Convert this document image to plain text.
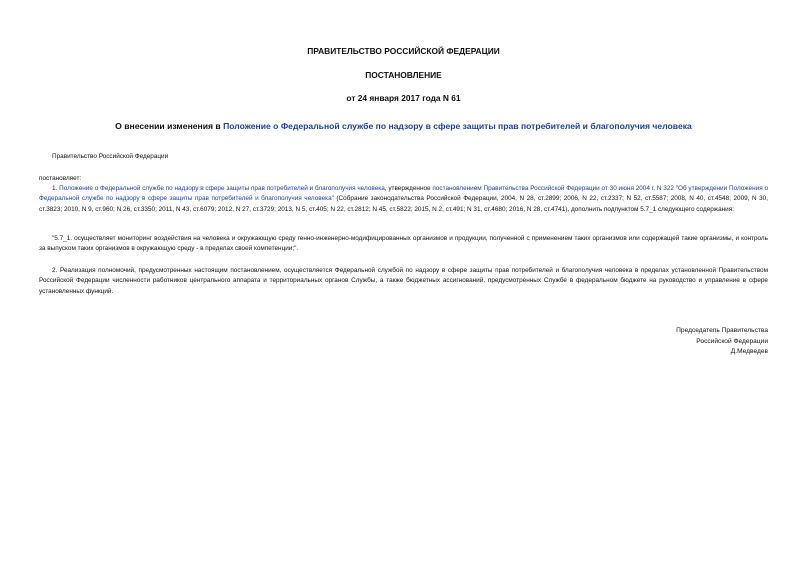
ПРАВИТЕЛЬСТВО РОССИЙСКОЙ ФЕДЕРАЦИИ
ПОСТАНОВЛЕНИЕ
от 24 января 2017 года N 61
О внесении изменения в Положение о Федеральной службе по надзору в сфере защиты прав потребителей и благополучия человека
Правительство Российской Федерации
постановляет:
1. Положение о Федеральной службе по надзору в сфере защиты прав потребителей и благополучия человека, утвержденное постановлением Правительства Российской Федерации от 30 июня 2004 г. N 322 "Об утверждении Положения о Федеральной службе по надзору в сфере защиты прав потребителей и благополучия человека" (Собрание законодательства Российской Федерации, 2004, N 28, ст.2899; 2006, N 22, ст.2337; N 52, ст.5587; 2008, N 40, ст.4548; 2009, N 30, ст.3823; 2010, N 9, ст.960; N 26, ст.3350; 2011, N 43, ст.6079; 2012, N 27, ст.3729; 2013, N 5, ст.405; N 22, ст.2812; N 45, ст.5822; 2015, N 2, ст.491; N 31, ст.4680; 2016, N 28, ст.4741), дополнить подпунктом 5.7_1 следующего содержания:
"5.7_1. осуществляет мониторинг воздействия на человека и окружающую среду генно-инженерно-модифицированных организмов и продукции, полученной с применением таких организмов или содержащей такие организмы, и контроль за выпуском таких организмов в окружающую среду - в пределах своей компетенции;".
2. Реализация полномочий, предусмотренных настоящим постановлением, осуществляется Федеральной службой по надзору в сфере защиты прав потребителей и благополучия человека в пределах установленной Правительством Российской Федерации численности работников центрального аппарата и территориальных органов Службы, а также бюджетных ассигнований, предусмотренных Службе в федеральном бюджете на руководство и управление в сфере установленных функций.
Председатель Правительства
Российской Федерации
Д.Медведев
